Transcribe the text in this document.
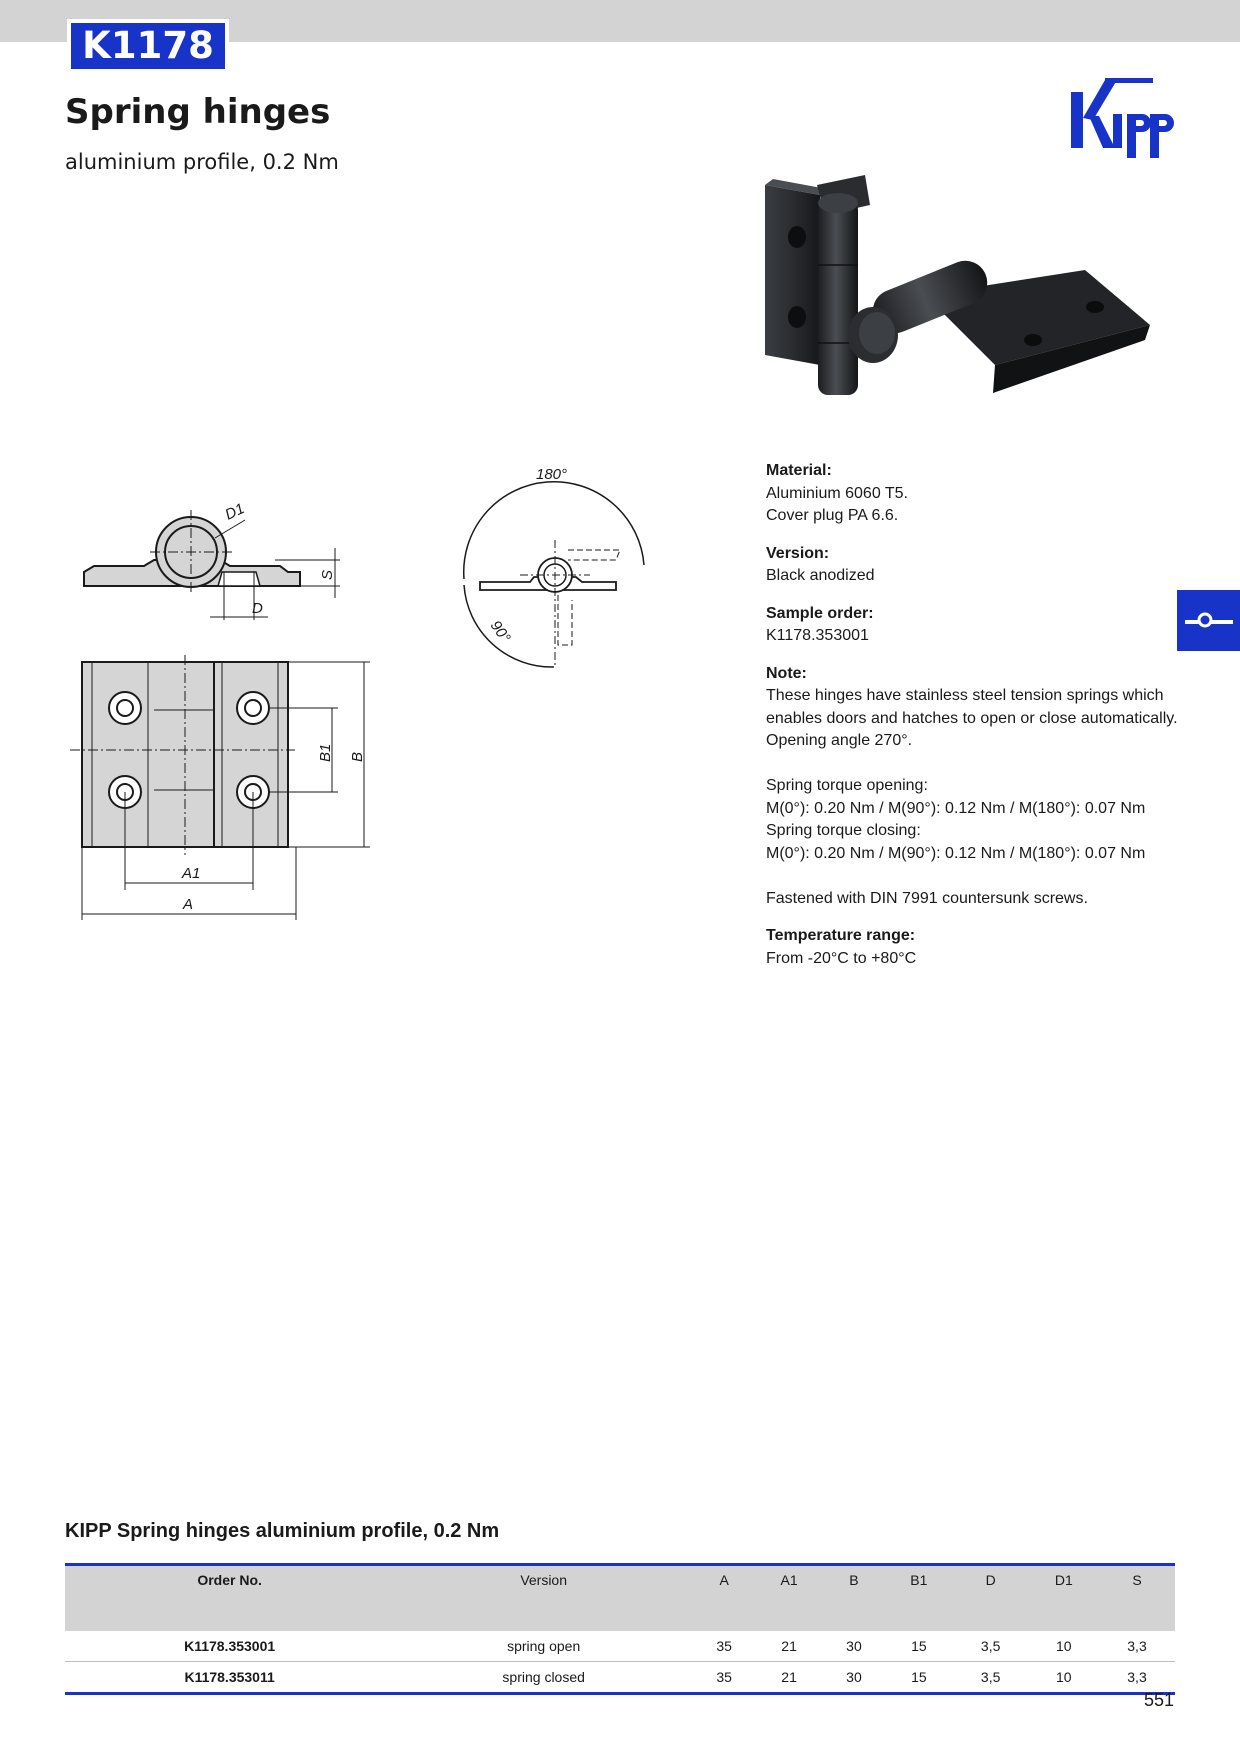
K1178
Spring hinges
aluminium profile, 0.2 Nm
D
D1
S
B1 B
A1
A
180°
90°
Material:

Aluminium 6060 T5.

Cover plug PA 6.6.

Version:

Black anodized

Sample order:

K1178.353001

Note:

These hinges have stainless steel tension springs which

enables doors and hatches to open or close automatically.

Opening angle 270°.

Spring torque opening:

M(0°): 0.20 Nm / M(90°): 0.12 Nm / M(180°): 0.07 Nm

Spring torque closing:

M(0°): 0.20 Nm / M(90°): 0.12 Nm / M(180°): 0.07 Nm

Fastened with DIN 7991 countersunk screws.

Temperature range:

From -20°C to +80°C

KIPP Spring hinges aluminium profile, 0.2 Nm
Order No.	Version	A	A1	B	B1	D	D1	S
K1178.353001	spring open	35	21	30	15	3,5	10	3,3
K1178.353011	spring closed	35	21	30	15	3,5	10	3,3
551
